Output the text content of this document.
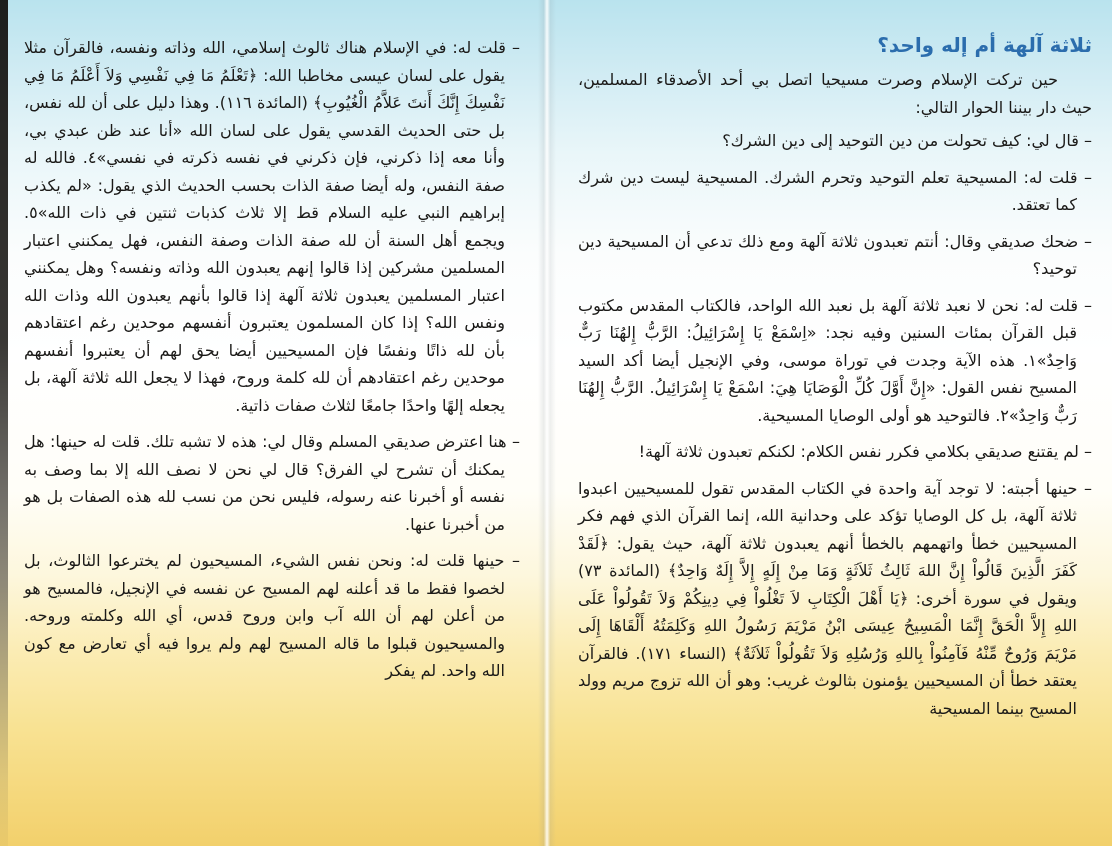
– قلت له: في الإسلام هناك ثالوث إسلامي، الله وذاته ونفسه، فالقرآن مثلا يقول على لسان عيسى مخاطبا الله: ﴿تَعْلَمُ مَا فِي نَفْسِي وَلاَ أَعْلَمُ مَا فِي نَفْسِكَ إِنَّكَ أَنتَ عَلاَّمُ الْغُيُوبِ﴾ (المائدة ١١٦). وهذا دليل على أن لله نفس، بل حتى الحديث القدسي يقول على لسان الله «أنا عند ظن عبدي بي، وأنا معه إذا ذكرني، فإن ذكرني في نفسه ذكرته في نفسي»٤. فالله له صفة النفس، وله أيضا صفة الذات بحسب الحديث الذي يقول: «لم يكذب إبراهيم النبي عليه السلام قط إلا ثلاث كذبات ثنتين في ذات الله»٥. ويجمع أهل السنة أن لله صفة الذات وصفة النفس، فهل يمكنني اعتبار المسلمين مشركين إذا قالوا إنهم يعبدون الله وذاته ونفسه؟ وهل يمكنني اعتبار المسلمين يعبدون ثلاثة آلهة إذا قالوا بأنهم يعبدون الله وذات الله ونفس الله؟ إذا كان المسلمون يعتبرون أنفسهم موحدين رغم اعتقادهم بأن لله ذاتًا ونفسًا فإن المسيحيين أيضا يحق لهم أن يعتبروا أنفسهم موحدين رغم اعتقادهم أن لله كلمة وروح، فهذا لا يجعل الله ثلاثة آلهة، بل يجعله إلهًا واحدًا جامعًا لثلاث صفات ذاتية.

– هنا اعترض صديقي المسلم وقال لي: هذه لا تشبه تلك. قلت له حينها: هل يمكنك أن تشرح لي الفرق؟ قال لي نحن لا نصف الله إلا بما وصف به نفسه أو أخبرنا عنه رسوله، فليس نحن من نسب لله هذه الصفات بل هو من أخبرنا عنها.

– حينها قلت له: ونحن نفس الشيء، المسيحيون لم يخترعوا الثالوث، بل لخصوا فقط ما قد أعلنه لهم المسيح عن نفسه في الإنجيل، فالمسيح هو من أعلن لهم أن الله آب وابن وروح قدس، أي الله وكلمته وروحه. والمسيحيون قبلوا ما قاله المسيح لهم ولم يروا فيه أي تعارض مع كون الله واحد. لم يفكر

ثلاثة آلهة أم إله واحد؟

حين تركت الإسلام وصرت مسيحيا اتصل بي أحد الأصدقاء المسلمين، حيث دار بيننا الحوار التالي:

– قال لي: كيف تحولت من دين التوحيد إلى دين الشرك؟

– قلت له: المسيحية تعلم التوحيد وتحرم الشرك. المسيحية ليست دين شرك كما تعتقد.

– ضحك صديقي وقال: أنتم تعبدون ثلاثة آلهة ومع ذلك تدعي أن المسيحية دين توحيد؟

– قلت له: نحن لا نعبد ثلاثة آلهة بل نعبد الله الواحد، فالكتاب المقدس مكتوب قبل القرآن بمئات السنين وفيه نجد: «اِسْمَعْ يَا إِسْرَائِيلُ: الرَّبُّ إِلهُنَا رَبٌّ وَاحِدٌ»١. هذه الآية وجدت في توراة موسى، وفي الإنجيل أيضا أكد السيد المسيح نفس القول: «إِنَّ أَوَّلَ كُلِّ الْوَصَايَا هِيَ: اسْمَعْ يَا إِسْرَائِيلُ. الرَّبُّ إِلهُنَا رَبٌّ وَاحِدٌ»٢. فالتوحيد هو أولى الوصايا المسيحية.

– لم يقتنع صديقي بكلامي فكرر نفس الكلام: لكنكم تعبدون ثلاثة آلهة!

– حينها أجبته: لا توجد آية واحدة في الكتاب المقدس تقول للمسيحيين اعبدوا ثلاثة آلهة، بل كل الوصايا تؤكد على وحدانية الله، إنما القرآن الذي فهم فكر المسيحيين خطأ واتهمهم بالخطأ أنهم يعبدون ثلاثة آلهة، حيث يقول: ﴿لَقَدْ كَفَرَ الَّذِينَ قَالُواْ إِنَّ اللهَ ثَالِثُ ثَلاَثَةٍ وَمَا مِنْ إِلَهٍ إِلاَّ إِلَهٌ وَاحِدٌ﴾ (المائدة ٧٣) ويقول في سورة أخرى: ﴿يَا أَهْلَ الْكِتَابِ لاَ تَغْلُواْ فِي دِينِكُمْ وَلاَ تَقُولُواْ عَلَى اللهِ إِلاَّ الْحَقَّ إِنَّمَا الْمَسِيحُ عِيسَى ابْنُ مَرْيَمَ رَسُولُ اللهِ وَكَلِمَتُهُ أَلْقَاهَا إِلَى مَرْيَمَ وَرُوحٌ مِّنْهُ فَآمِنُواْ بِاللهِ وَرُسُلِهِ وَلاَ تَقُولُواْ ثَلاَثَةٌ﴾ (النساء ١٧١). فالقرآن يعتقد خطأ أن المسيحيين يؤمنون بثالوث غريب: وهو أن الله تزوج مريم وولد المسيح بينما المسيحية
